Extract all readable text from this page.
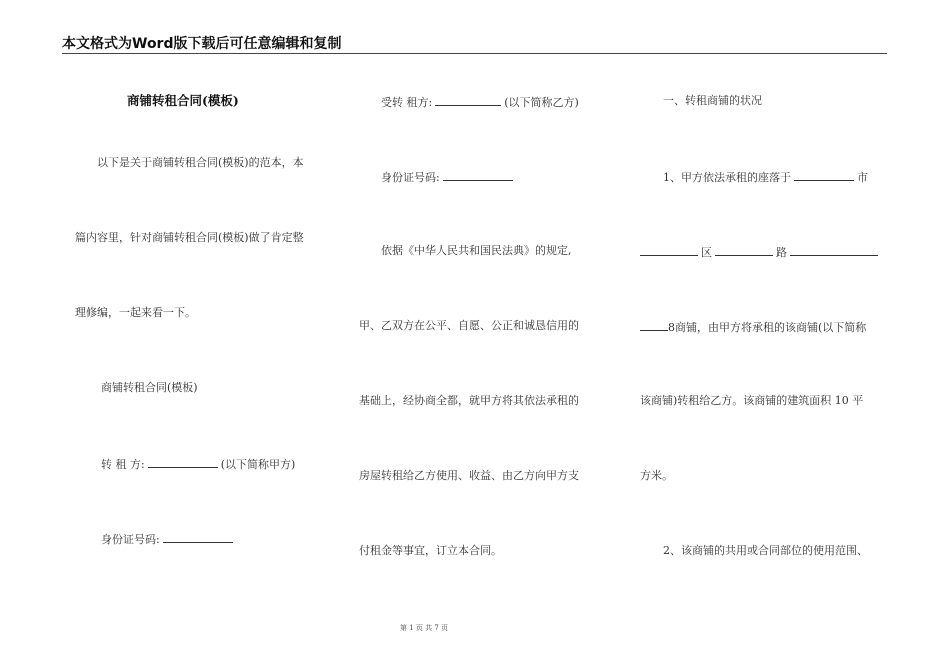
本文格式为Word版下载后可任意编辑和复制
商铺转租合同(模板)
以下是关于商铺转租合同(模板)的范本，本
篇内容里，针对商铺转租合同(模板)做了肯定整
理修编，一起来看一下。
商铺转租合同(模板)
转 租 方:	(以下简称甲方)
身份证号码:
受转 租方:	(以下简称乙方)
身份证号码:
依据《中华人民共和国民法典》的规定,
甲、乙双方在公平、自愿、公正和诚恳信用的
基础上，经协商全都，就甲方将其依法承租的
房屋转租给乙方使用、收益、由乙方向甲方支
付租金等事宜，订立本合同。
一、转租商铺的状况
1、甲方依法承租的座落于	市
区	路
8商铺，由甲方将承租的该商铺(以下简称
该商铺)转租给乙方。该商铺的建筑面积 10 平
方米。
2、该商铺的共用或合同部位的使用范围、
第 1 页 共 7 页
